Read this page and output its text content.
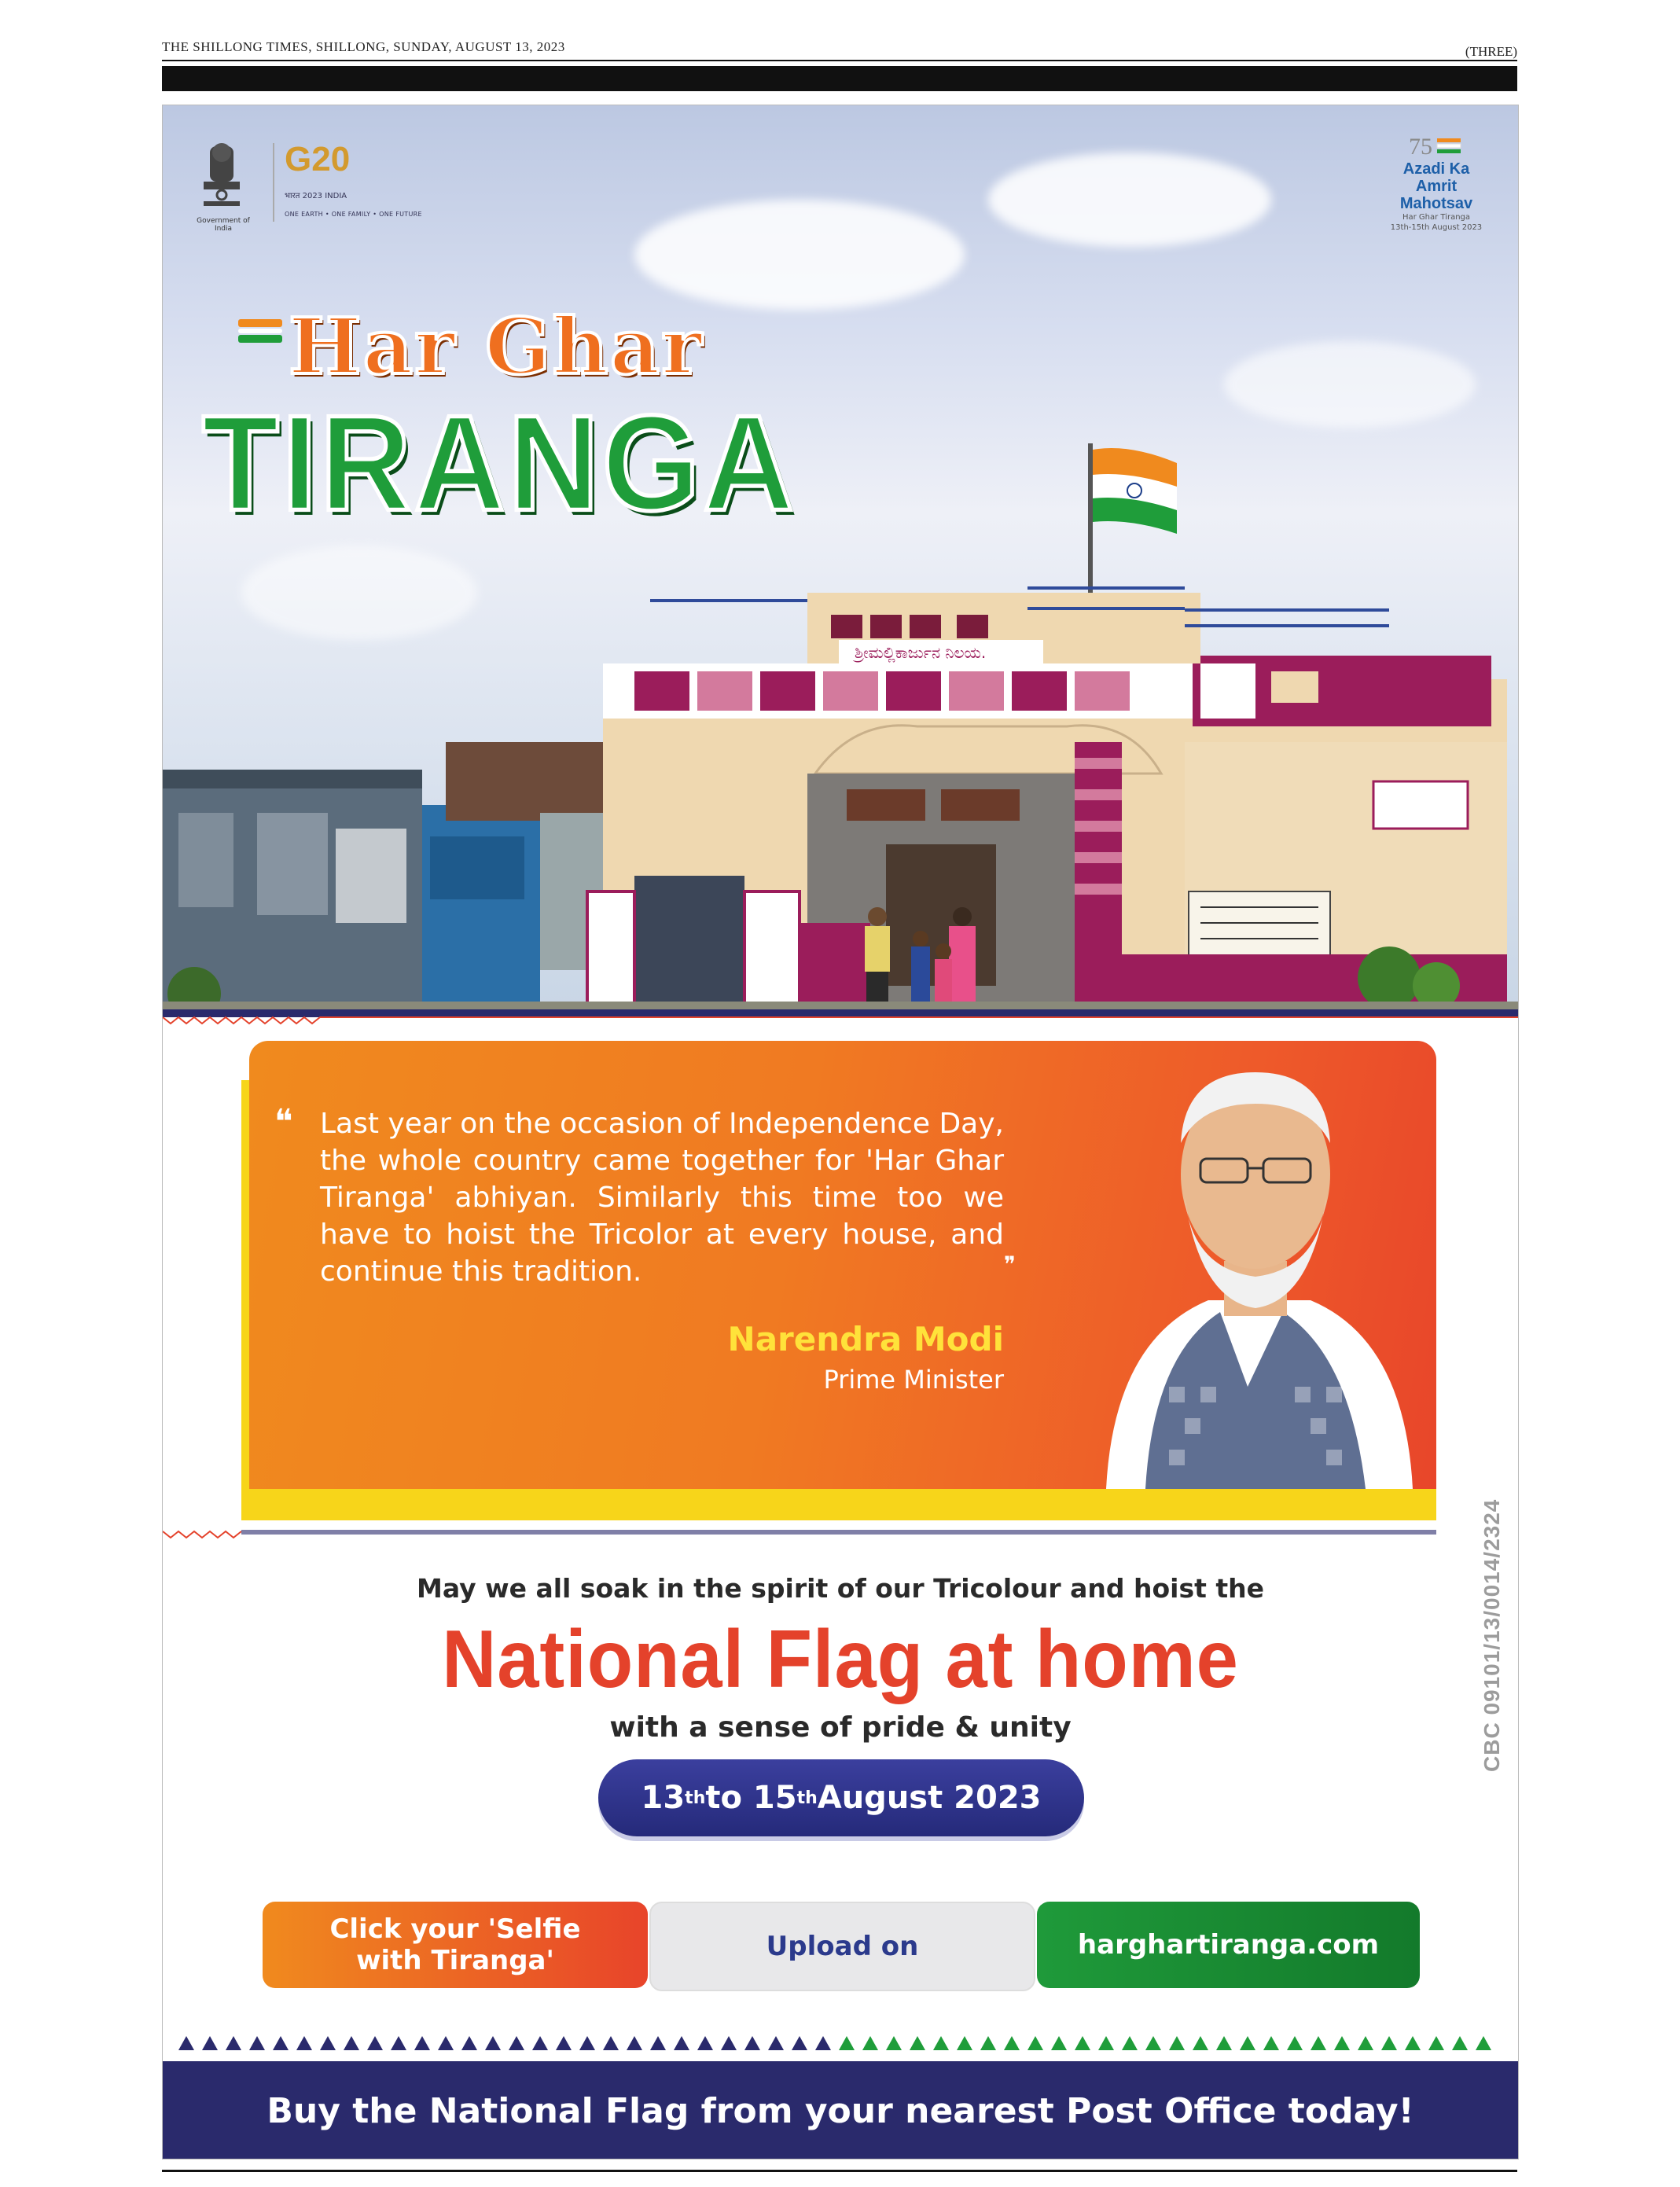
THE SHILLONG TIMES, SHILLONG, SUNDAY, AUGUST 13, 2023	(THREE)
Government of India
G20
भारत 2023 INDIA
ONE EARTH • ONE FAMILY • ONE FUTURE
75
Azadi Ka
Amrit Mahotsav
Har Ghar Tiranga
13th-15th August 2023
Har Ghar
TIRANGA
ಶ್ರೀಮಲ್ಲಿಕಾರ್ಜುನ ನಿಲಯ.
❝ Last year on the occasion of Independence Day, the whole country came together for 'Har Ghar Tiranga' abhiyan. Similarly this time too we have to hoist the Tricolor at every house, and continue this tradition.	❞
Narendra Modi
Prime Minister
May we all soak in the spirit of our Tricolour and hoist the
National Flag at home
with a sense of pride & unity
13 th to 15 th August 2023
CBC 09101/13/0014/2324
Click your 'Selfie with Tiranga'	Upload on	harghartiranga.com
Buy the National Flag from your nearest Post Office today!
